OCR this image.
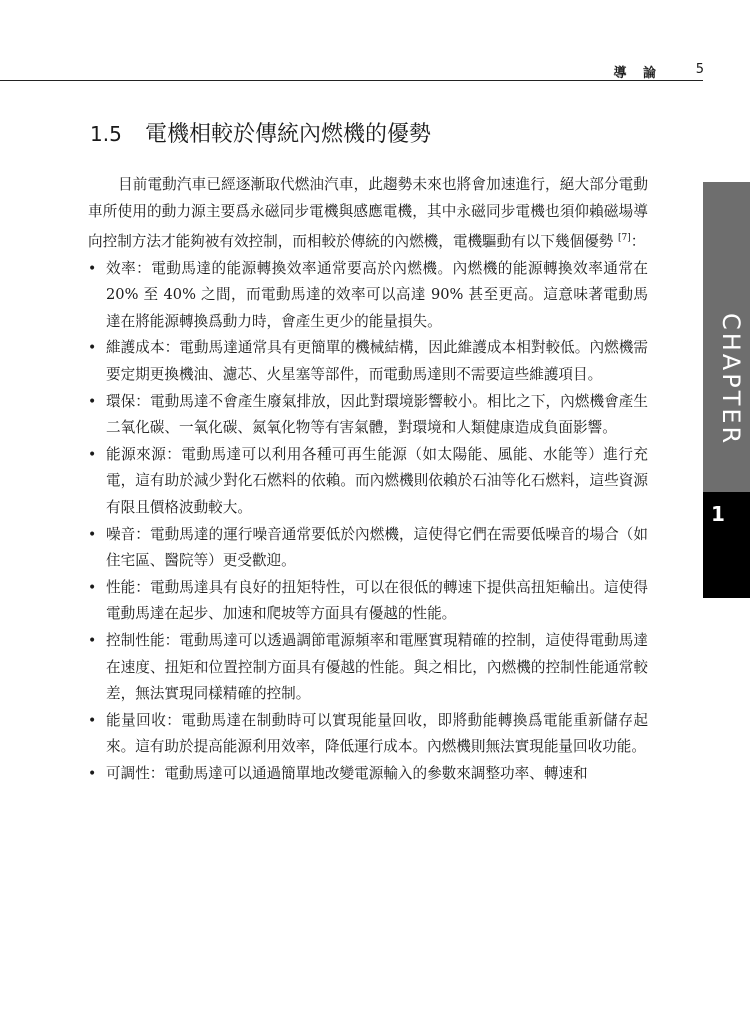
導 論	5
CHAPTER
1
1.5 電機相較於傳統內燃機的優勢

目前電動汽車已經逐漸取代燃油汽車，此趨勢未來也將會加速進行，絕大部分電動車所使用的動力源主要爲永磁同步電機與感應電機，其中永磁同步電機也須仰賴磁場導向控制方法才能夠被有效控制，而相較於傳統的內燃機，電機驅動有以下幾個優勢 [7]：

• 效率：電動馬達的能源轉換效率通常要高於內燃機。內燃機的能源轉換效率通常在 20% 至 40% 之間，而電動馬達的效率可以高達 90% 甚至更高。這意味著電動馬達在將能源轉換爲動力時，會產生更少的能量損失。
• 維護成本：電動馬達通常具有更簡單的機械結構，因此維護成本相對較低。內燃機需要定期更換機油、濾芯、火星塞等部件，而電動馬達則不需要這些維護項目。
• 環保：電動馬達不會產生廢氣排放，因此對環境影響較小。相比之下，內燃機會產生二氧化碳、一氧化碳、氮氧化物等有害氣體，對環境和人類健康造成負面影響。
• 能源來源：電動馬達可以利用各種可再生能源（如太陽能、風能、水能等）進行充電，這有助於減少對化石燃料的依賴。而內燃機則依賴於石油等化石燃料，這些資源有限且價格波動較大。
• 噪音：電動馬達的運行噪音通常要低於內燃機，這使得它們在需要低噪音的場合（如住宅區、醫院等）更受歡迎。
• 性能：電動馬達具有良好的扭矩特性，可以在很低的轉速下提供高扭矩輸出。這使得電動馬達在起步、加速和爬坡等方面具有優越的性能。
• 控制性能：電動馬達可以透過調節電源頻率和電壓實現精確的控制，這使得電動馬達在速度、扭矩和位置控制方面具有優越的性能。與之相比，內燃機的控制性能通常較差，無法實現同樣精確的控制。
• 能量回收：電動馬達在制動時可以實現能量回收，即將動能轉換爲電能重新儲存起來。這有助於提高能源利用效率，降低運行成本。內燃機則無法實現能量回收功能。
• 可調性：電動馬達可以通過簡單地改變電源輸入的參數來調整功率、轉速和
